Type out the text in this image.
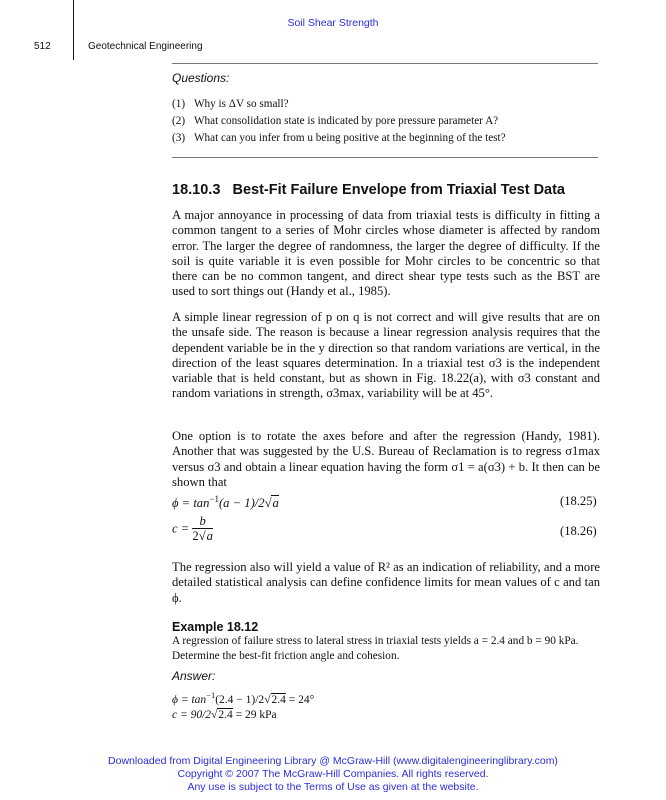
Soil Shear Strength
512	Geotechnical Engineering
Questions:
(1) Why is ΔV so small?
(2) What consolidation state is indicated by pore pressure parameter A?
(3) What can you infer from u being positive at the beginning of the test?
18.10.3 Best-Fit Failure Envelope from Triaxial Test Data

A major annoyance in processing of data from triaxial tests is difficulty in fitting a common tangent to a series of Mohr circles whose diameter is affected by random error. The larger the degree of randomness, the larger the degree of difficulty. If the soil is quite variable it is even possible for Mohr circles to be concentric so that there can be no common tangent, and direct shear type tests such as the BST are used to sort things out (Handy et al., 1985).

A simple linear regression of p on q is not correct and will give results that are on the unsafe side. The reason is because a linear regression analysis requires that the dependent variable be in the y direction so that random variations are vertical, in the direction of the least squares determination. In a triaxial test σ3 is the independent variable that is held constant, but as shown in Fig. 18.22(a), with σ3 constant and random variations in strength, σ3max, variability will be at 45°.

One option is to rotate the axes before and after the regression (Handy, 1981). Another that was suggested by the U.S. Bureau of Reclamation is to regress σ1max versus σ3 and obtain a linear equation having the form σ1 = a(σ3) + b. It then can be shown that

$\phi = \tan^{-1}(a - 1)/2√a$	(18.25)
$c = \frac{b}{2√a}$	(18.26)

The regression also will yield a value of R² as an indication of reliability, and a more detailed statistical analysis can define confidence limits for mean values of c and tan ϕ.

Example 18.12

A regression of failure stress to lateral stress in triaxial tests yields a = 2.4 and b = 90 kPa. Determine the best-fit friction angle and cohesion.

Answer:
$\phi = \tan^{-1}(2.4 - 1)/2√2.4 = 24^\circ$
c = 90/2√2.4 = 29 kPa
Downloaded from Digital Engineering Library @ McGraw-Hill (www.digitalengineeringlibrary.com)
Copyright © 2007 The McGraw-Hill Companies. All rights reserved.
Any use is subject to the Terms of Use as given at the website.
